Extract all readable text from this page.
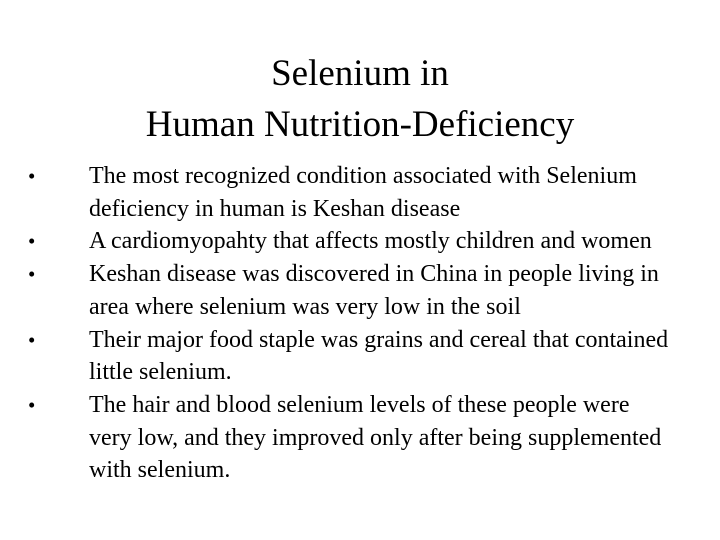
Selenium in
Human Nutrition-Deficiency
•	The most recognized condition associated with Selenium deficiency in human is Keshan disease
•	A cardiomyopahty that affects mostly children and women
•	Keshan disease was discovered in China in people living in area where selenium was very low in the soil
•	Their major food staple was grains and cereal that contained little selenium.
•	The hair and blood selenium levels of these people were very low, and they improved only after being supplemented with selenium.
